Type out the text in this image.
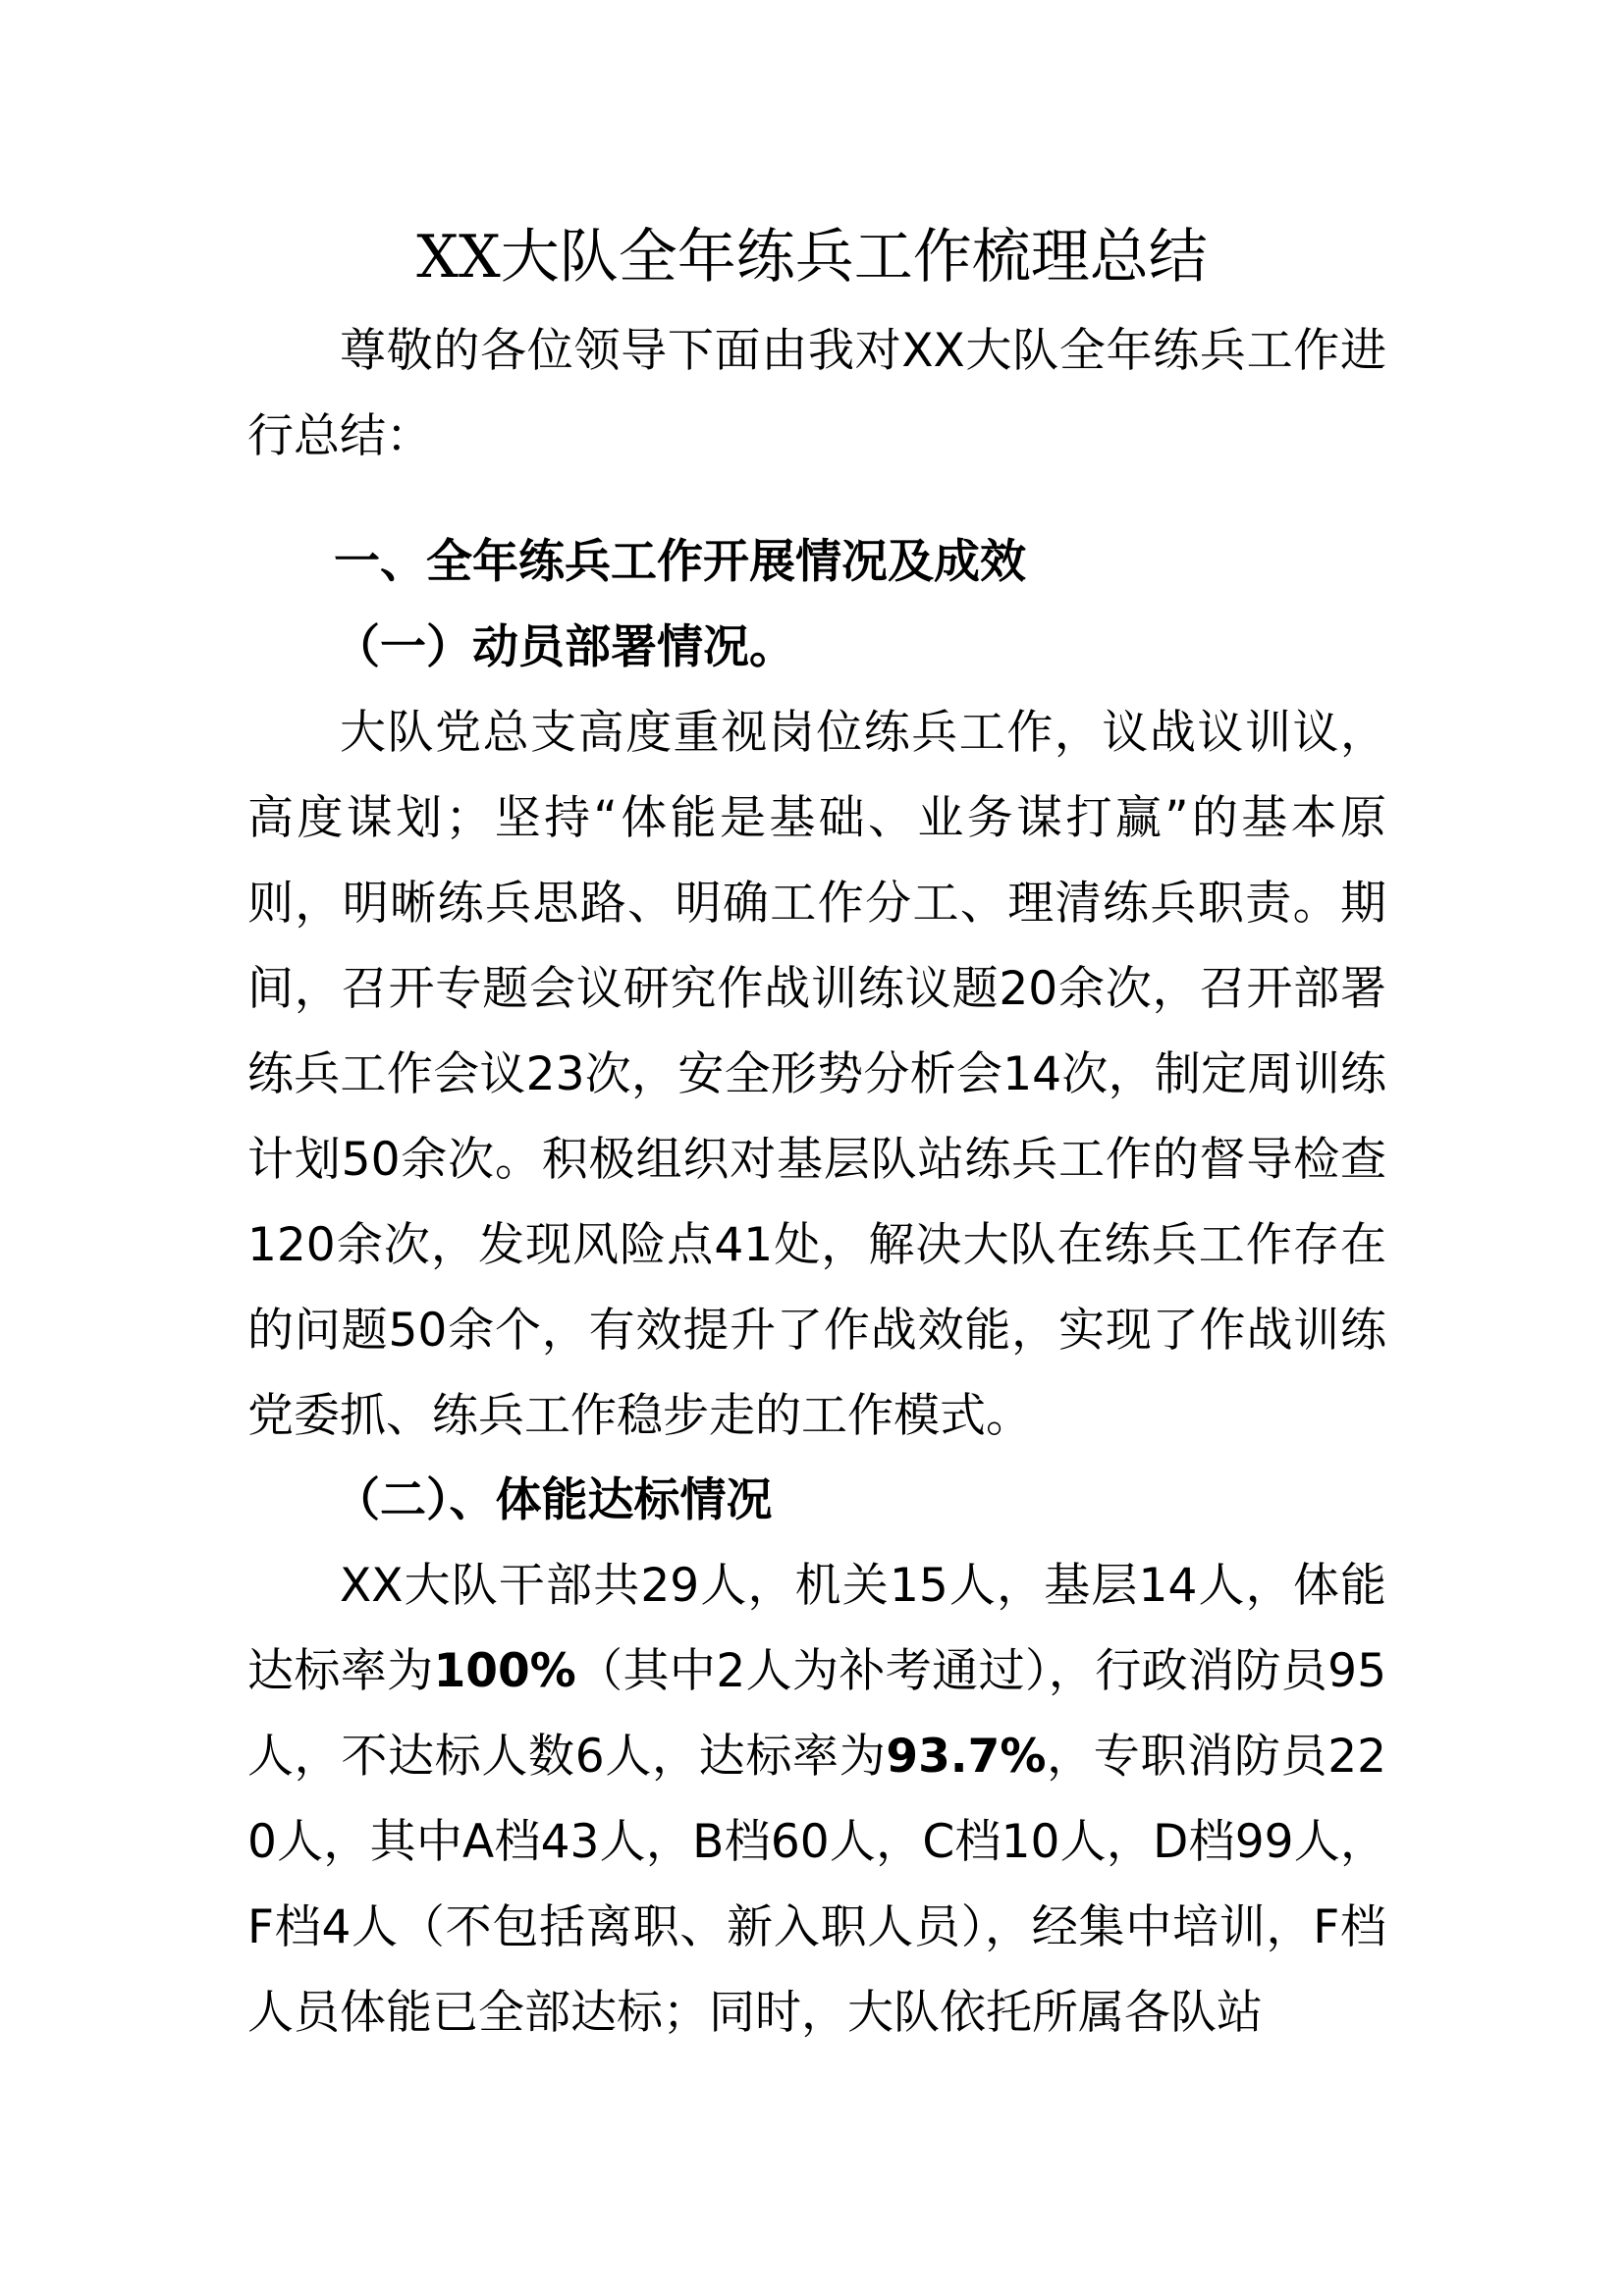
XX大队全年练兵工作梳理总结

尊敬的各位领导下面由我对XX大队全年练兵工作进行总结：

一、全年练兵工作开展情况及成效

（一）动员部署情况。

大队党总支高度重视岗位练兵工作，议战议训议，高度谋划；坚持“体能是基础、业务谋打赢”的基本原则，明晰练兵思路、明确工作分工、理清练兵职责。期间，召开专题会议研究作战训练议题20余次，召开部署练兵工作会议23次，安全形势分析会14次，制定周训练计划50余次。积极组织对基层队站练兵工作的督导检查120余次，发现风险点41处，解决大队在练兵工作存在的问题50余个，有效提升了作战效能，实现了作战训练党委抓、练兵工作稳步走的工作模式。

（二）、体能达标情况

XX大队干部共29人，机关15人，基层14人，体能达标率为100%（其中2人为补考通过），行政消防员95人，不达标人数6人，达标率为93.7%，专职消防员220人，其中A档43人，B档60人，C档10人，D档99人，F档4人（不包括离职、新入职人员），经集中培训，F档人员体能已全部达标；同时，大队依托所属各队站
